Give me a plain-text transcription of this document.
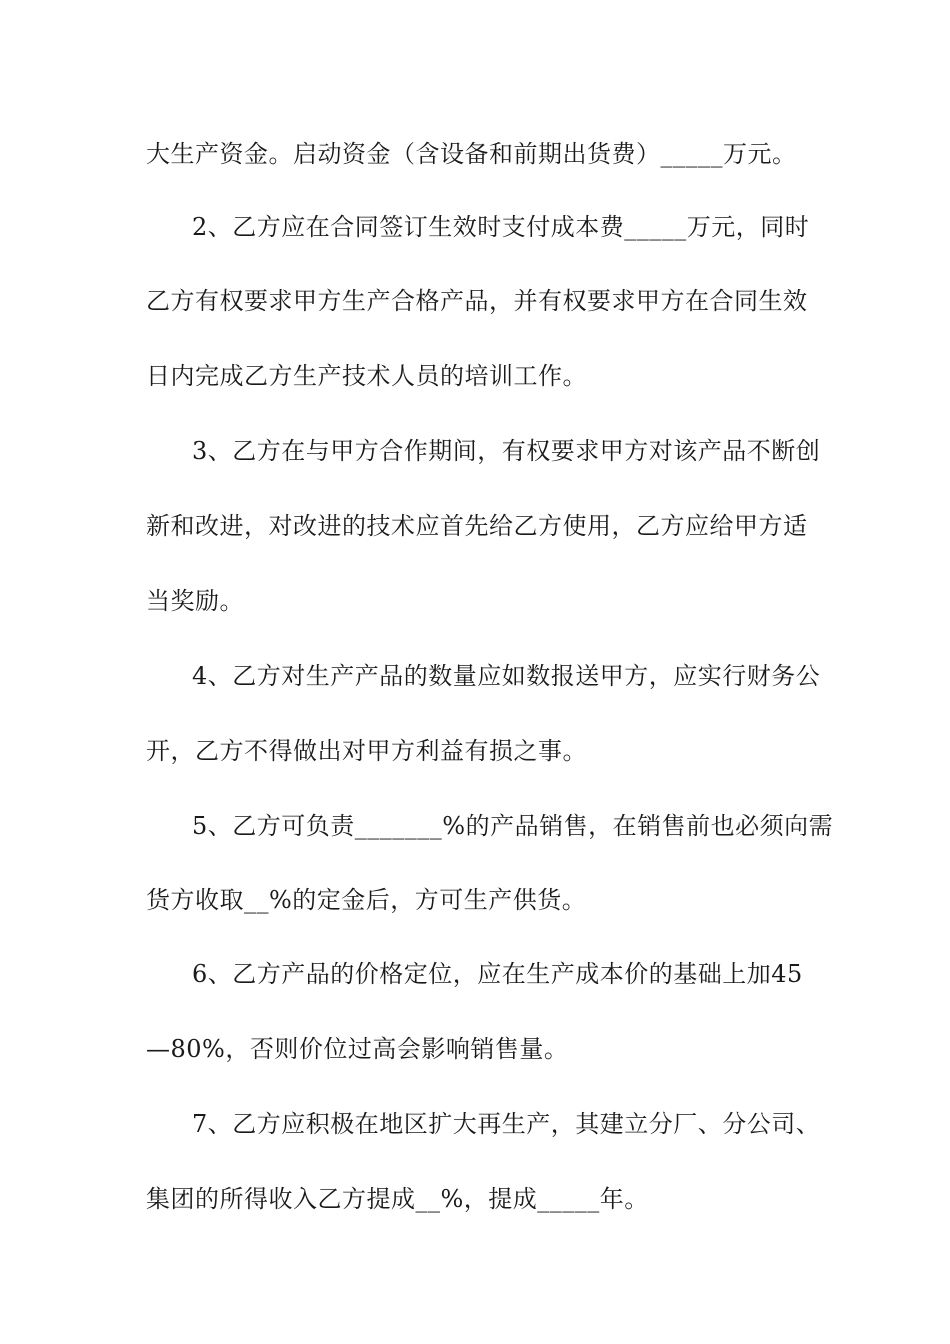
大生产资金。启动资金（含设备和前期出货费）_____万元。
2、乙方应在合同签订生效时支付成本费_____万元，同时
乙方有权要求甲方生产合格产品，并有权要求甲方在合同生效
日内完成乙方生产技术人员的培训工作。
3、乙方在与甲方合作期间，有权要求甲方对该产品不断创
新和改进，对改进的技术应首先给乙方使用，乙方应给甲方适
当奖励。
4、乙方对生产产品的数量应如数报送甲方，应实行财务公
开，乙方不得做出对甲方利益有损之事。
5、乙方可负责_______%的产品销售，在销售前也必须向需
货方收取__%的定金后，方可生产供货。
6、乙方产品的价格定位，应在生产成本价的基础上加45
—80%，否则价位过高会影响销售量。
7、乙方应积极在地区扩大再生产，其建立分厂、分公司、
集团的所得收入乙方提成__%，提成_____年。
